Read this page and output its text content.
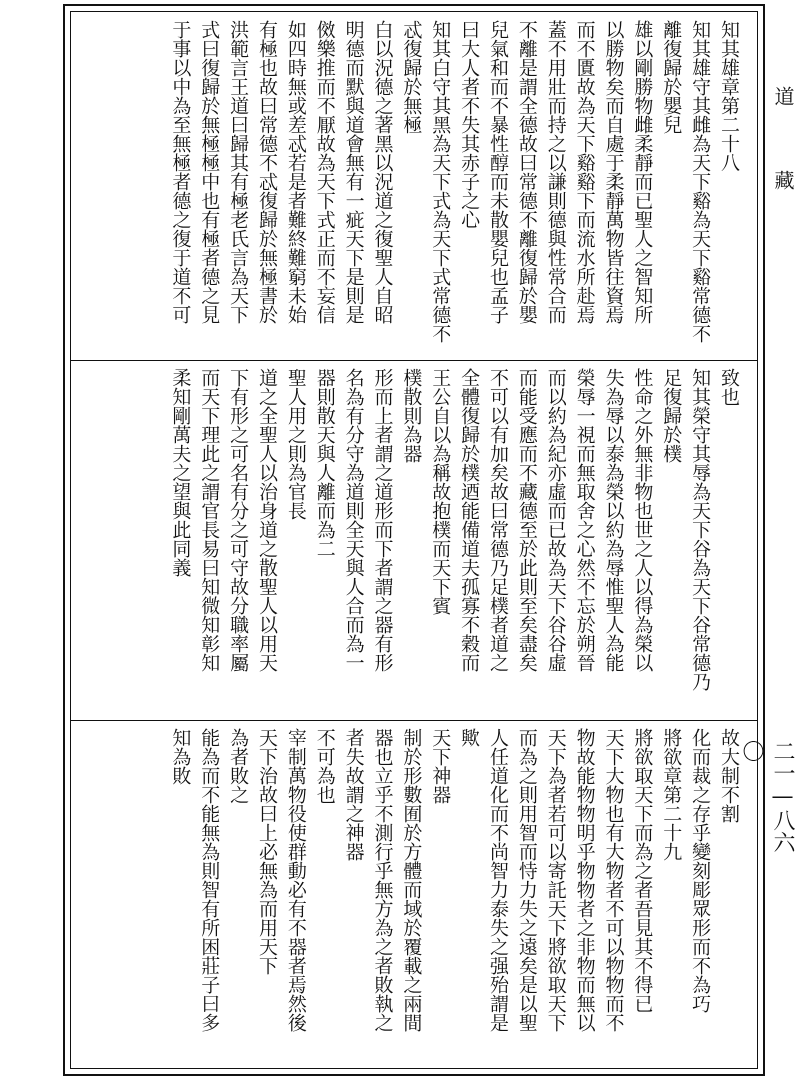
知其雄章第二十八
知其雄守其雌為天下谿為天下谿常德不
離復歸於嬰兒
雄以剛勝物雌柔靜而已聖人之智知所
以勝物矣而自處于柔靜萬物皆往資焉
而不匱故為天下谿谿下而流水所赴焉
蓋不用壯而持之以謙則德與性常合而
不離是謂全德故曰常德不離復歸於嬰
兒氣和而不暴性醇而未散嬰兒也孟子
曰大人者不失其赤子之心
知其白守其黑為天下式為天下式常德不
忒復歸於無極
白以況德之著黑以況道之復聖人自昭
明德而默與道會無有一疵天下是則是
傚樂推而不厭故為天下式正而不妄信
如四時無或差忒若是者難終難窮未始
有極也故曰常德不忒復歸於無極書於
洪範言王道曰歸其有極老氏言為天下
式曰復歸於無極極中也有極者德之見
于事以中為至無極者德之復于道不可
致也
知其榮守其辱為天下谷為天下谷常德乃
足復歸於樸
性命之外無非物也世之人以得為榮以
失為辱以泰為榮以約為辱惟聖人為能
榮辱一視而無取舍之心然不忘於朔晉
而以約為紀亦虛而已故為天下谷谷虛
而能受應而不藏德至於此則至矣盡矣
不可以有加矣故曰常德乃足樸者道之
全體復歸於樸迺能備道夫孤寡不穀而
王公自以為稱故抱樸而天下賓
樸散則為器
形而上者謂之道形而下者謂之器有形
名為有分守為道則全天與人合而為一
器則散天與人離而為二
聖人用之則為官長
道之全聖人以治身道之散聖人以用天
下有形之可名有分之可守故分職率屬
而天下理此之謂官長易曰知微知彰知
柔知剛萬夫之望與此同義
故大制不割
化而裁之存乎變刻彫眾形而不為巧
將欲章第二十九
將欲取天下而為之者吾見其不得已
天下大物也有大物者不可以物物而不
物故能物物明乎物物者之非物而無以
天下為者若可以寄託天下將欲取天下
而為之則用智而恃力失之遠矣是以聖
人任道化而不尚智力泰失之强殆謂是
歟
天下神器
制於形數囿於方體而域於覆載之兩間
器也立乎不測行乎無方為之者敗執之
者失故謂之神器
不可為也
宰制萬物役使群動必有不器者焉然後
天下治故曰上必無為而用天下
為者敗之
能為而不能無為則智有所困莊子曰多
知為敗
道
藏
二一—八六〇
